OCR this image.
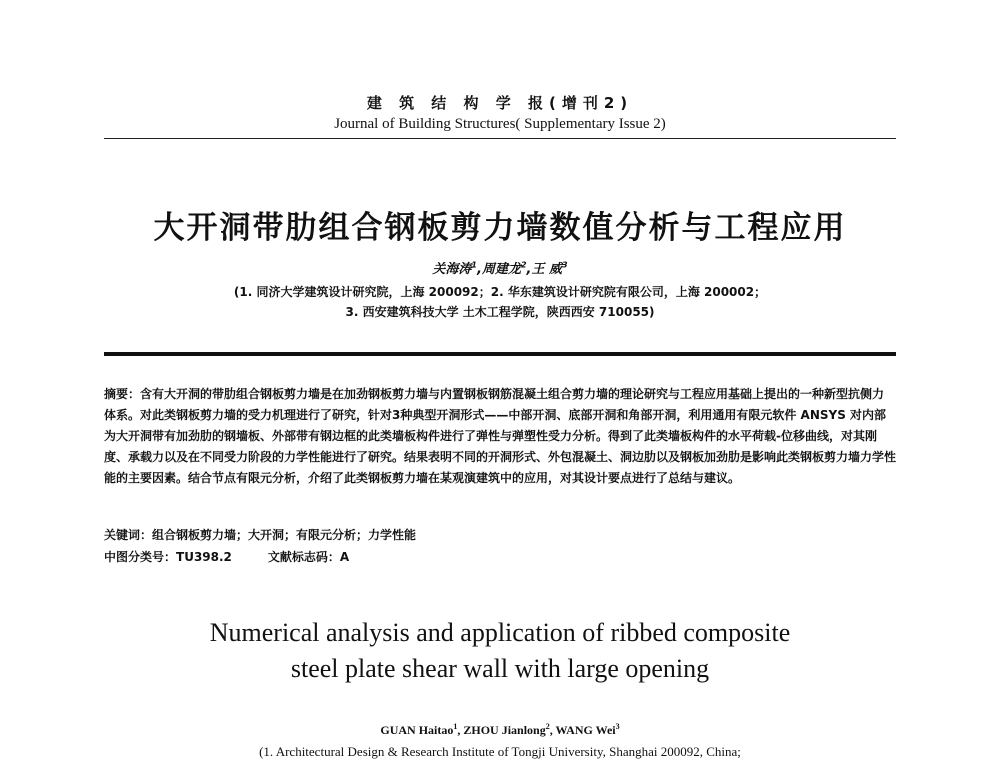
建 筑 结 构 学 报(增刊2)
Journal of Building Structures( Supplementary Issue 2)
大开洞带肋组合钢板剪力墙数值分析与工程应用
关海涛$^1$,周建龙$^2$,王 威$^3$
(1. 同济大学建筑设计研究院，上海 200092；2. 华东建筑设计研究院有限公司，上海 200002；
3. 西安建筑科技大学 土木工程学院，陕西西安 710055)
摘要：含有大开洞的带肋组合钢板剪力墙是在加劲钢板剪力墙与内置钢板钢筋混凝土组合剪力墙的理论研究与工程应用基础上提出的一种新型抗侧力体系。对此类钢板剪力墙的受力机理进行了研究，针对3种典型开洞形式——中部开洞、底部开洞和角部开洞，利用通用有限元软件 ANSYS 对内部为大开洞带有加劲肋的钢墙板、外部带有钢边框的此类墙板构件进行了弹性与弹塑性受力分析。得到了此类墙板构件的水平荷载-位移曲线，对其刚度、承载力以及在不同受力阶段的力学性能进行了研究。结果表明不同的开洞形式、外包混凝土、洞边肋以及钢板加劲肋是影响此类钢板剪力墙力学性能的主要因素。结合节点有限元分析，介绍了此类钢板剪力墙在某观演建筑中的应用，对其设计要点进行了总结与建议。
关键词：组合钢板剪力墙；大开洞；有限元分析；力学性能
中图分类号：TU398.2	文献标志码：A
Numerical analysis and application of ribbed composite
steel plate shear wall with large opening
GUAN Haitao$^1$, ZHOU Jianlong$^2$, WANG Wei$^3$
(1. Architectural Design & Research Institute of Tongji University, Shanghai 200092, China;
